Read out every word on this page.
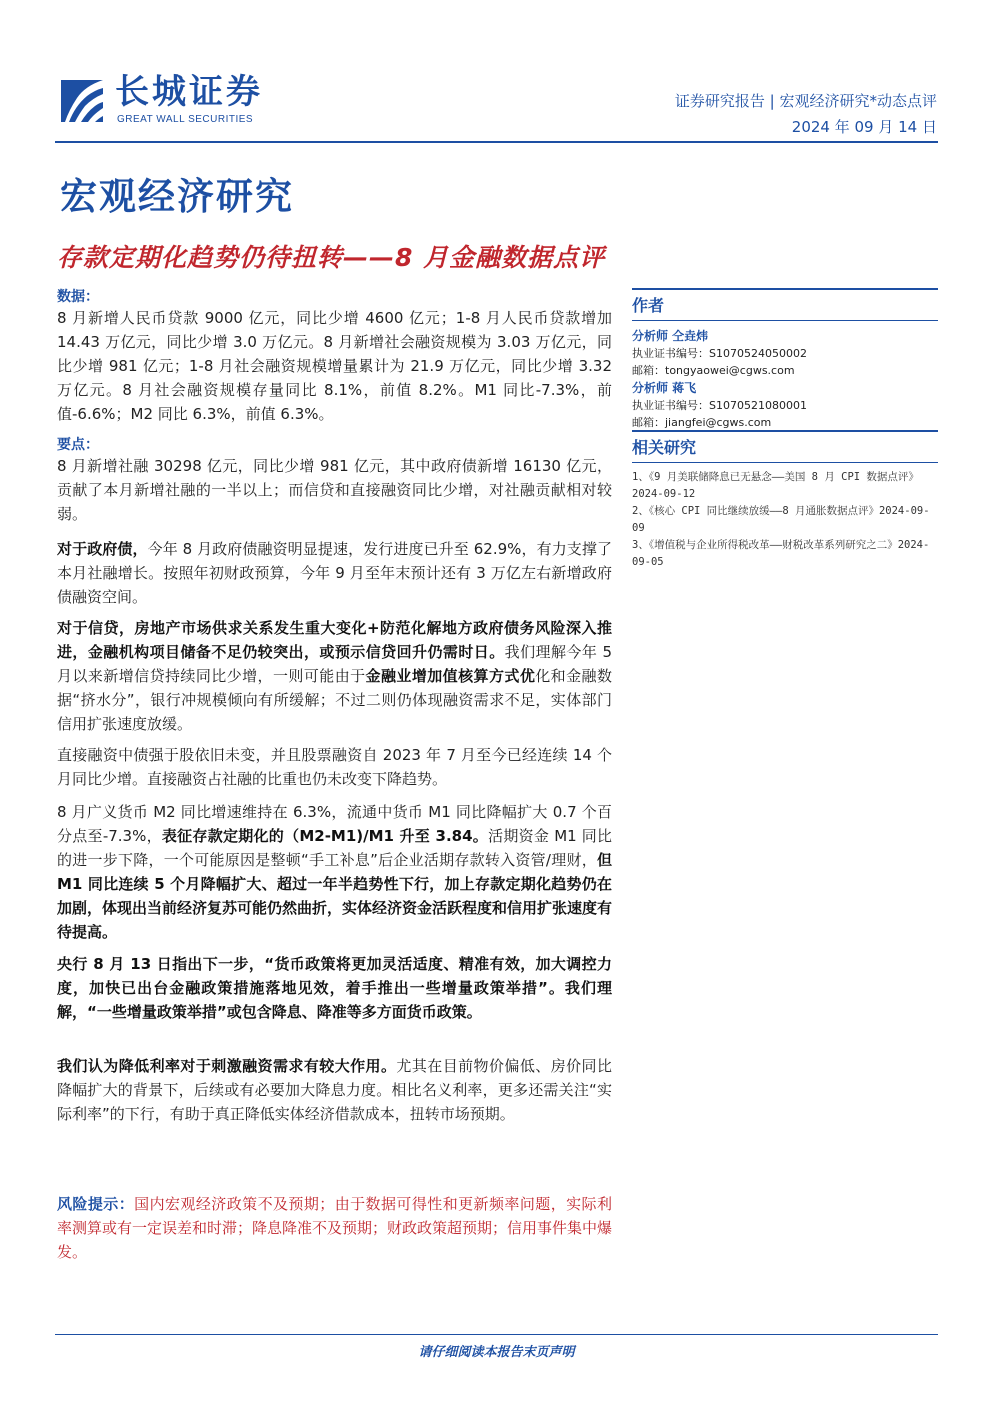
长城证券
GREAT WALL SECURITIES
证券研究报告 | 宏观经济研究*动态点评
2024 年 09 月 14 日
宏观经济研究
存款定期化趋势仍待扭转——8 月金融数据点评
数据：

8 月新增人民币贷款 9000 亿元，同比少增 4600 亿元；1-8 月人民币贷款增加 14.43 万亿元，同比少增 3.0 万亿元。8 月新增社会融资规模为 3.03 万亿元，同比少增 981 亿元；1-8 月社会融资规模增量累计为 21.9 万亿元，同比少增 3.32 万亿元。8 月社会融资规模存量同比 8.1%，前值 8.2%。M1 同比-7.3%，前值-6.6%；M2 同比 6.3%，前值 6.3%。

要点：

8 月新增社融 30298 亿元，同比少增 981 亿元，其中政府债新增 16130 亿元，贡献了本月新增社融的一半以上；而信贷和直接融资同比少增，对社融贡献相对较弱。

对于政府债，今年 8 月政府债融资明显提速，发行进度已升至 62.9%，有力支撑了本月社融增长。按照年初财政预算，今年 9 月至年末预计还有 3 万亿左右新增政府债融资空间。

对于信贷，房地产市场供求关系发生重大变化+防范化解地方政府债务风险深入推进，金融机构项目储备不足仍较突出，或预示信贷回升仍需时日。我们理解今年 5 月以来新增信贷持续同比少增，一则可能由于金融业增加值核算方式优化和金融数据“挤水分”，银行冲规模倾向有所缓解；不过二则仍体现融资需求不足，实体部门信用扩张速度放缓。

直接融资中债强于股依旧未变，并且股票融资自 2023 年 7 月至今已经连续 14 个月同比少增。直接融资占社融的比重也仍未改变下降趋势。

8 月广义货币 M2 同比增速维持在 6.3%，流通中货币 M1 同比降幅扩大 0.7 个百分点至-7.3%，表征存款定期化的（M2-M1)/M1 升至 3.84。活期资金 M1 同比的进一步下降，一个可能原因是整顿“手工补息”后企业活期存款转入资管/理财，但 M1 同比连续 5 个月降幅扩大、超过一年半趋势性下行，加上存款定期化趋势仍在加剧，体现出当前经济复苏可能仍然曲折，实体经济资金活跃程度和信用扩张速度有待提高。

央行 8 月 13 日指出下一步，“货币政策将更加灵活适度、精准有效，加大调控力度，加快已出台金融政策措施落地见效，着手推出一些增量政策举措”。我们理解，“一些增量政策举措”或包含降息、降准等多方面货币政策。

我们认为降低利率对于刺激融资需求有较大作用。尤其在目前物价偏低、房价同比降幅扩大的背景下，后续或有必要加大降息力度。相比名义利率，更多还需关注“实际利率”的下行，有助于真正降低实体经济借款成本，扭转市场预期。

风险提示：国内宏观经济政策不及预期；由于数据可得性和更新频率问题，实际利率测算或有一定误差和时滞；降息降准不及预期；财政政策超预期；信用事件集中爆发。

作者
分析师 仝垚炜
执业证书编号：S1070524050002
邮箱：tongyaowei@cgws.com
分析师 蒋飞
执业证书编号：S1070521080001
邮箱：jiangfei@cgws.com
相关研究

1、《9 月美联储降息已无悬念——美国 8 月 CPI 数据点评》2024-09-12

2、《核心 CPI 同比继续放缓——8 月通胀数据点评》2024-09-09

3、《增值税与企业所得税改革——财税改革系列研究之二》2024-09-05

请仔细阅读本报告末页声明
